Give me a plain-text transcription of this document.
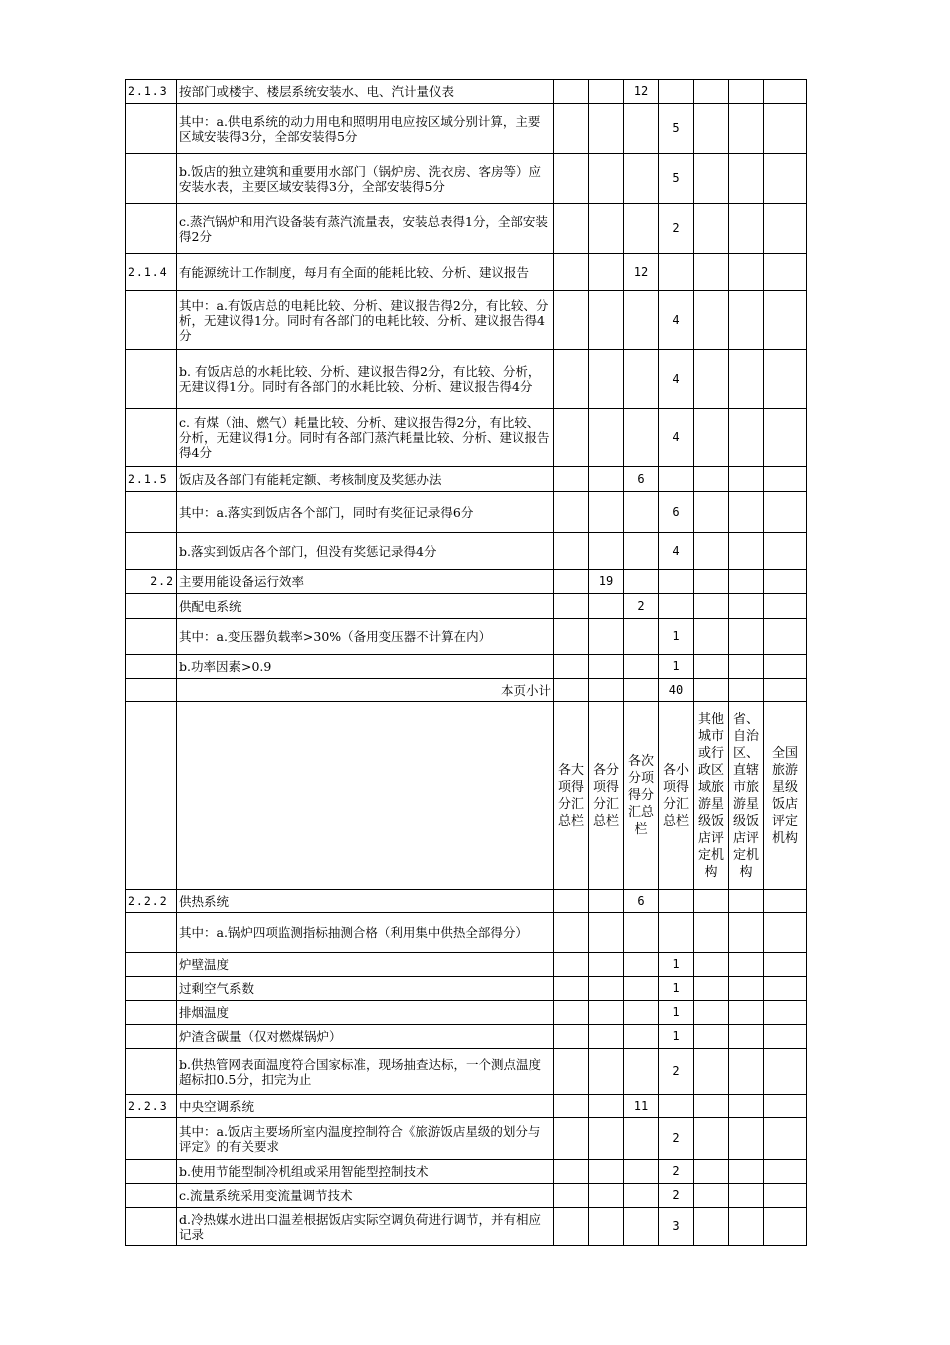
2.1.3	按部门或楼宇、楼层系统安装水、电、汽计量仪表			12				
	其中：a.供电系统的动力用电和照明用电应按区域分别计算，主要区域安装得3分，全部安装得5分				5			
	b.饭店的独立建筑和重要用水部门（锅炉房、洗衣房、客房等）应安装水表，主要区域安装得3分，全部安装得5分				5			
	c.蒸汽锅炉和用汽设备装有蒸汽流量表，安装总表得1分，全部安装得2分				2			
2.1.4	有能源统计工作制度，每月有全面的能耗比较、分析、建议报告			12				
	其中：a.有饭店总的电耗比较、分析、建议报告得2分，有比较、分析，无建议得1分。同时有各部门的电耗比较、分析、建议报告得4分				4			
	b. 有饭店总的水耗比较、分析、建议报告得2分，有比较、分析，无建议得1分。同时有各部门的水耗比较、分析、建议报告得4分				4			
	c. 有煤（油、燃气）耗量比较、分析、建议报告得2分，有比较、分析，无建议得1分。同时有各部门蒸汽耗量比较、分析、建议报告得4分				4			
2.1.5	饭店及各部门有能耗定额、考核制度及奖惩办法			6				
	其中：a.落实到饭店各个部门，同时有奖征记录得6分				6			
	b.落实到饭店各个部门，但没有奖惩记录得4分				4			
2.2	主要用能设备运行效率		19					
	供配电系统			2				
	其中：a.变压器负载率>30%（备用变压器不计算在内）				1			
	b.功率因素>0.9				1			
	本页小计				40			
		各大项得分汇总栏	各分项得分汇总栏	各次分项得分汇总栏	各小项得分汇总栏	其他城市或行政区域旅游星级饭店评定机构	省、自治区、直辖市旅游星级饭店评定机构	全国旅游星级饭店评定机构
2.2.2	供热系统			6				
	其中：a.锅炉四项监测指标抽测合格（利用集中供热全部得分）							
	炉壁温度				1			
	过剩空气系数				1			
	排烟温度				1			
	炉渣含碳量（仅对燃煤锅炉）				1			
	b.供热管网表面温度符合国家标准，现场抽查达标，一个测点温度超标扣0.5分，扣完为止				2			
2.2.3	中央空调系统			11				
	其中：a.饭店主要场所室内温度控制符合《旅游饭店星级的划分与评定》的有关要求				2			
	b.使用节能型制冷机组或采用智能型控制技术				2			
	c.流量系统采用变流量调节技术				2			
	d.冷热媒水进出口温差根据饭店实际空调负荷进行调节，并有相应记录				3			
